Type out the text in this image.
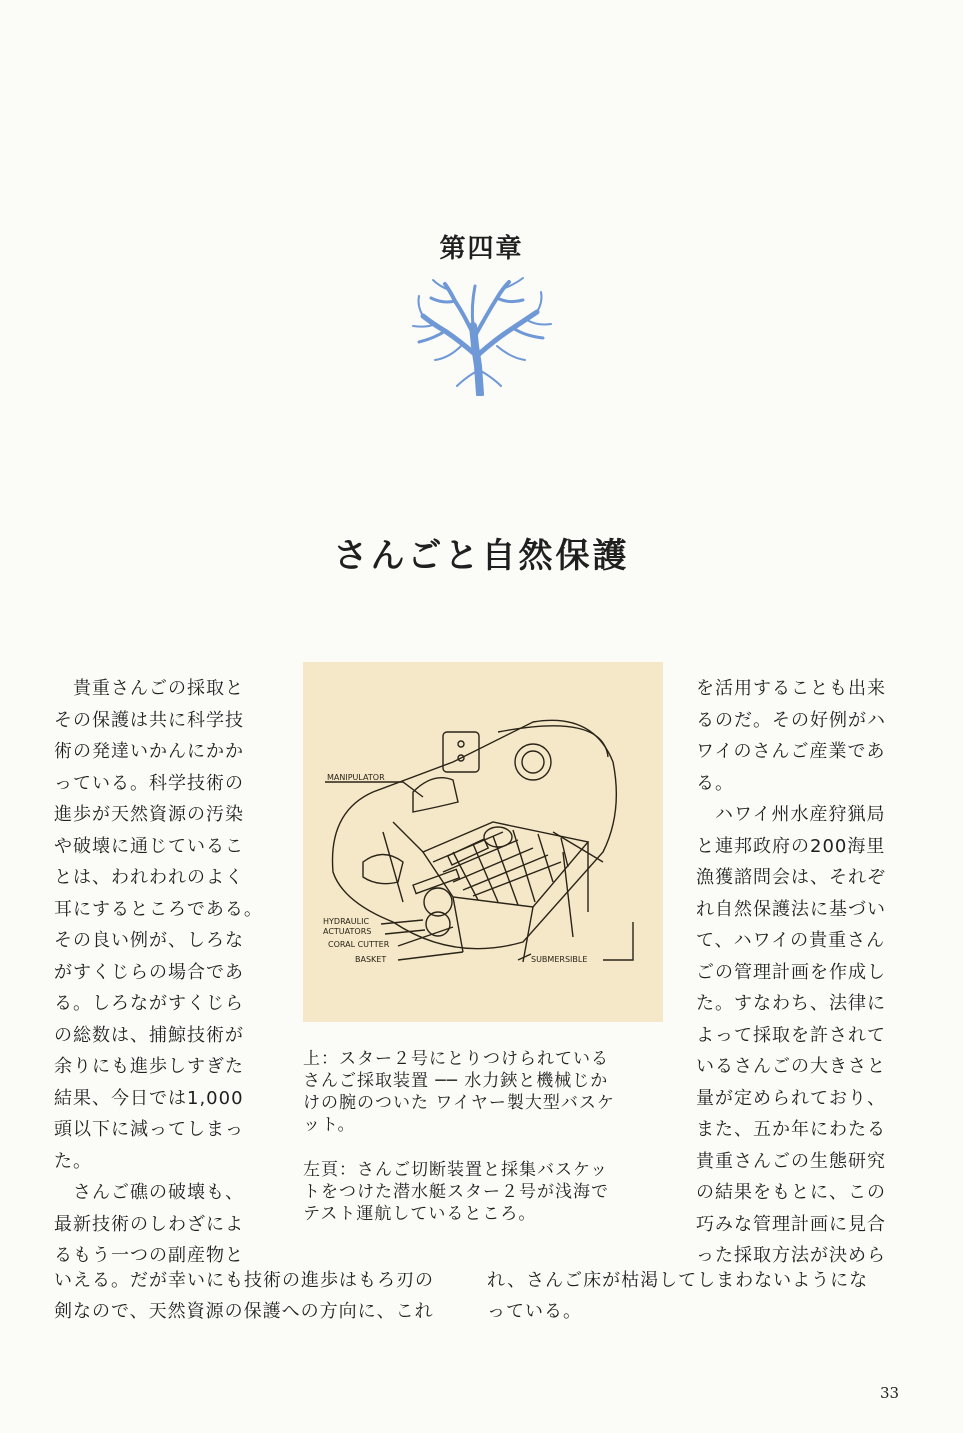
第四章
さんごと自然保護
　貴重さんごの採取と
その保護は共に科学技
術の発達いかんにかか
っている。科学技術の
進歩が天然資源の汚染
や破壊に通じているこ
とは、われわれのよく
耳にするところである。
その良い例が、しろな
がすくじらの場合であ
る。しろながすくじら
の総数は、捕鯨技術が
余りにも進歩しすぎた
結果、今日では1,000
頭以下に減ってしまっ
た。
　さんご礁の破壊も、
最新技術のしわざによ
るもう一つの副産物と
MANIPULATOR
HYDRAULIC
ACTUATORS
CORAL CUTTER
BASKET	SUBMERSIBLE
上：スター２号にとりつけられている
さんご採取装置 ── 水力鋏と機械じか
けの腕のついた ワイヤー製大型バスケ
ット。
左頁：さんご切断装置と採集バスケッ
トをつけた潜水艇スター２号が浅海で
テスト運航しているところ。
を活用することも出来
るのだ。その好例がハ
ワイのさんご産業であ
る。
　ハワイ州水産狩猟局
と連邦政府の200海里
漁獲諮問会は、それぞ
れ自然保護法に基づい
て、ハワイの貴重さん
ごの管理計画を作成し
た。すなわち、法律に
よって採取を許されて
いるさんごの大きさと
量が定められており、
また、五か年にわたる
貴重さんごの生態研究
の結果をもとに、この
巧みな管理計画に見合
った採取方法が決めら
いえる。だが幸いにも技術の進歩はもろ刃の
剣なので、天然資源の保護への方向に、これ
れ、さんご床が枯渇してしまわないようにな
っている。
33
